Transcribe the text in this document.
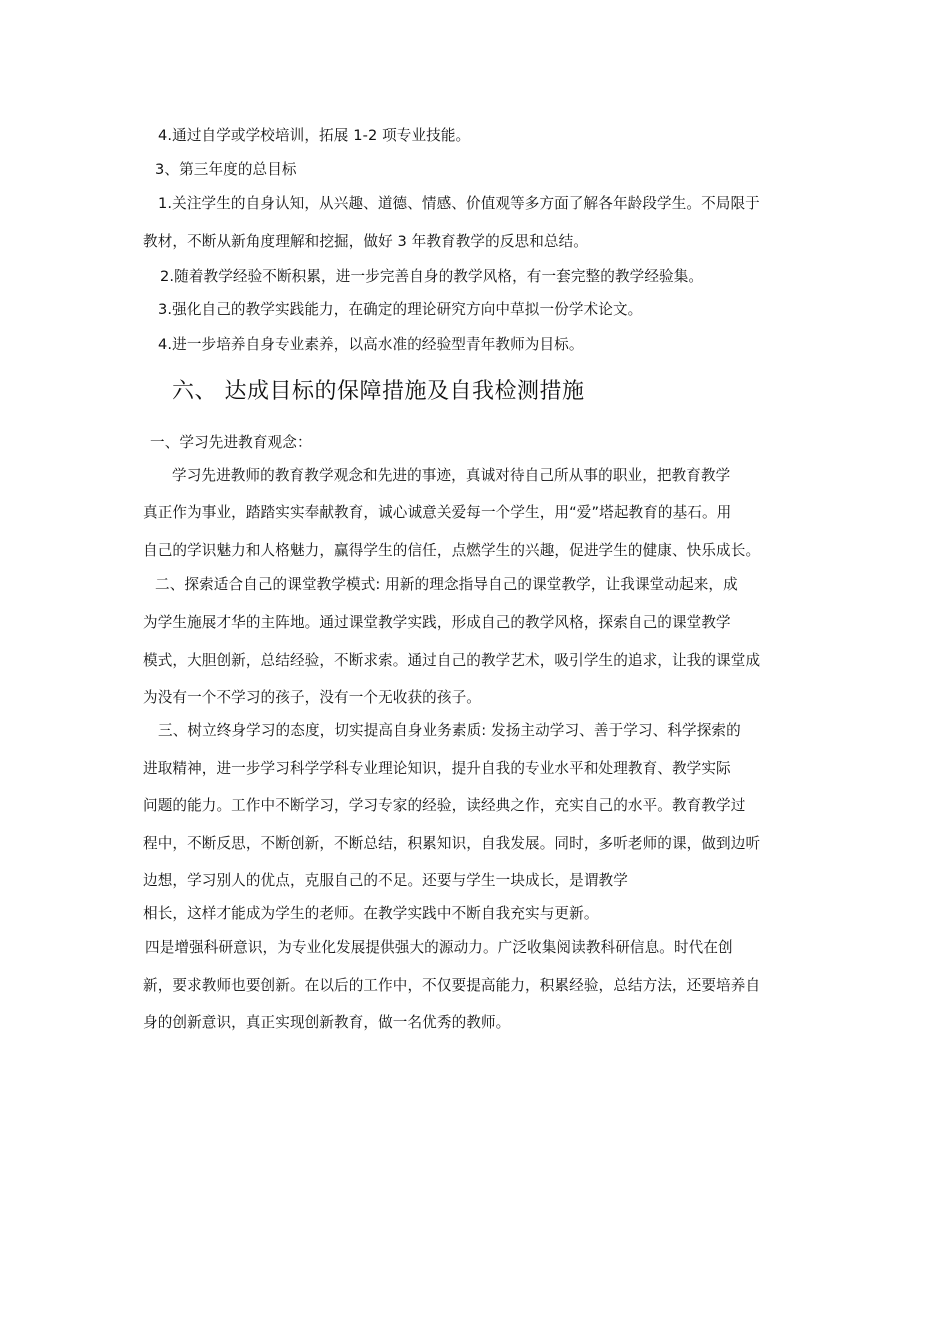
4.通过自学或学校培训，拓展 1-2 项专业技能。
3、第三年度的总目标
1.关注学生的自身认知，从兴趣、道德、情感、价值观等多方面了解各年龄段学生。不局限于
教材，不断从新角度理解和挖掘，做好 3 年教育教学的反思和总结。
2.随着教学经验不断积累，进一步完善自身的教学风格，有一套完整的教学经验集。
3.强化自己的教学实践能力，在确定的理论研究方向中草拟一份学术论文。
4.进一步培养自身专业素养，以高水准的经验型青年教师为目标。
六、 达成目标的保障措施及自我检测措施
一、学习先进教育观念：
学习先进教师的教育教学观念和先进的事迹，真诚对待自己所从事的职业，把教育教学
真正作为事业，踏踏实实奉献教育，诚心诚意关爱每一个学生，用“爱”塔起教育的基石。用
自己的学识魅力和人格魅力，赢得学生的信任，点燃学生的兴趣，促进学生的健康、快乐成长。
二、探索适合自己的课堂教学模式: 用新的理念指导自己的课堂教学，让我课堂动起来，成
为学生施展才华的主阵地。通过课堂教学实践，形成自己的教学风格，探索自己的课堂教学
模式，大胆创新，总结经验，不断求索。通过自己的教学艺术，吸引学生的追求，让我的课堂成
为没有一个不学习的孩子，没有一个无收获的孩子。
三、树立终身学习的态度，切实提高自身业务素质: 发扬主动学习、善于学习、科学探索的
进取精神，进一步学习科学学科专业理论知识，提升自我的专业水平和处理教育、教学实际
问题的能力。工作中不断学习，学习专家的经验，读经典之作，充实自己的水平。教育教学过
程中，不断反思，不断创新，不断总结，积累知识，自我发展。同时，多听老师的课，做到边听
边想，学习别人的优点，克服自己的不足。还要与学生一块成长，是谓教学
相长，这样才能成为学生的老师。在教学实践中不断自我充实与更新。
四是增强科研意识，为专业化发展提供强大的源动力。广泛收集阅读教科研信息。时代在创
新，要求教师也要创新。在以后的工作中，不仅要提高能力，积累经验，总结方法，还要培养自
身的创新意识，真正实现创新教育，做一名优秀的教师。
